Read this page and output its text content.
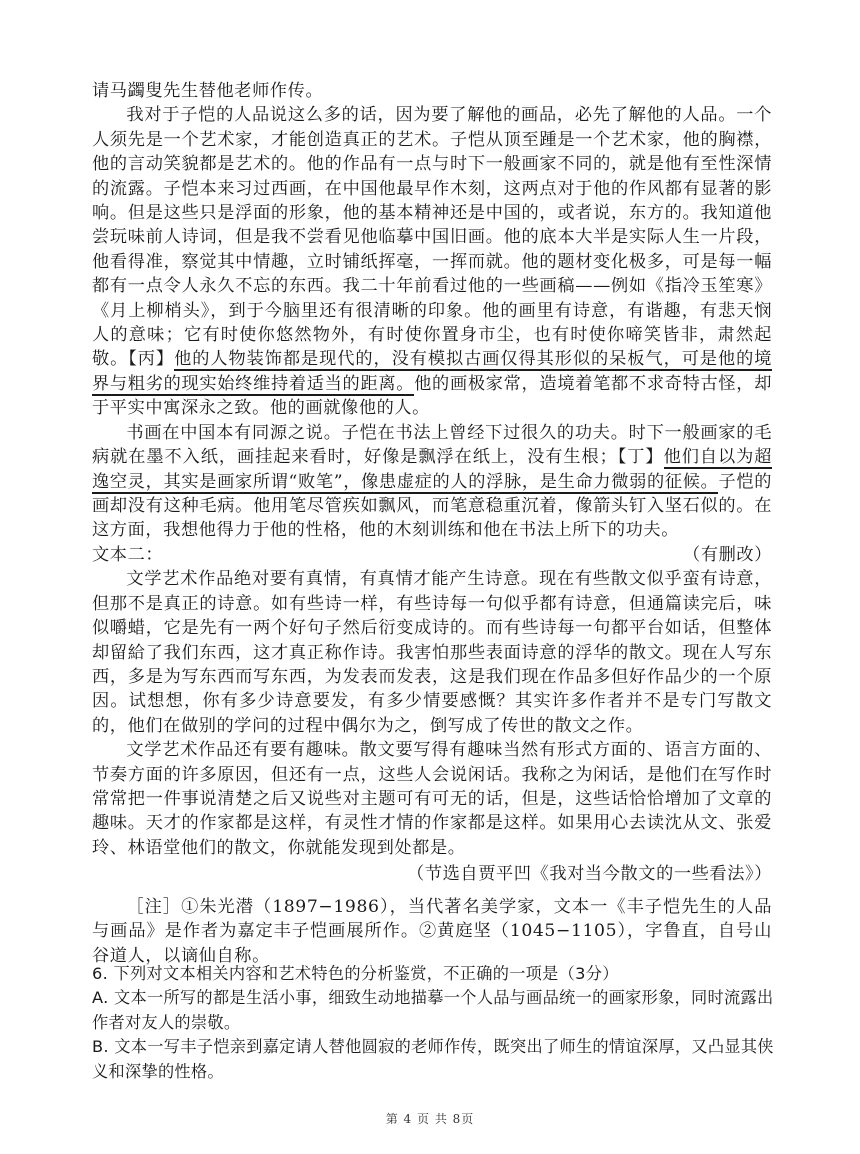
请马蠲叟先生替他老师作传。

我对于子恺的人品说这么多的话，因为要了解他的画品，必先了解他的人品。一个人须先是一个艺术家，才能创造真正的艺术。子恺从顶至踵是一个艺术家，他的胸襟，他的言动笑貌都是艺术的。他的作品有一点与时下一般画家不同的，就是他有至性深情的流露。子恺本来习过西画，在中国他最早作木刻，这两点对于他的作风都有显著的影响。但是这些只是浮面的形象，他的基本精神还是中国的，或者说，东方的。我知道他尝玩味前人诗词，但是我不尝看见他临摹中国旧画。他的底本大半是实际人生一片段，他看得准，察觉其中情趣，立时铺纸挥毫，一挥而就。他的题材变化极多，可是每一幅都有一点令人永久不忘的东西。我二十年前看过他的一些画稿——例如《指冷玉笙寒》《月上柳梢头》，到于今脑里还有很清晰的印象。他的画里有诗意，有谐趣，有悲天悯人的意味；它有时使你悠然物外，有时使你置身市尘，也有时使你啼笑皆非，肃然起敬。【丙】他的人物装饰都是现代的，没有模拟古画仅得其形似的呆板气，可是他的境界与粗劣的现实始终维持着适当的距离。他的画极家常，造境着笔都不求奇特古怪，却于平实中寓深永之致。他的画就像他的人。

书画在中国本有同源之说。子恺在书法上曾经下过很久的功夫。时下一般画家的毛病就在墨不入纸，画挂起来看时，好像是飘浮在纸上，没有生根；【丁】他们自以为超逸空灵，其实是画家所谓“败笔”，像患虚症的人的浮脉，是生命力微弱的征候。子恺的画却没有这种毛病。他用笔尽管疾如飘风，而笔意稳重沉着，像箭头钉入坚石似的。在这方面，我想他得力于他的性格，他的木刻训练和他在书法上所下的功夫。

（有删改）

文本二：

文学艺术作品绝对要有真情，有真情才能产生诗意。现在有些散文似乎蛮有诗意，但那不是真正的诗意。如有些诗一样，有些诗每一句似乎都有诗意，但通篇读完后，味似嚼蜡，它是先有一两个好句子然后衍变成诗的。而有些诗每一句都平台如话，但整体却留給了我们东西，这才真正称作诗。我害怕那些表面诗意的浮华的散文。现在人写东西，多是为写东西而写东西，为发表而发表，这是我们现在作品多但好作品少的一个原因。试想想，你有多少诗意要发，有多少情要感慨？其实许多作者并不是专门写散文的，他们在做别的学问的过程中偶尔为之，倒写成了传世的散文之作。

文学艺术作品还有要有趣味。散文要写得有趣味当然有形式方面的、语言方面的、节奏方面的许多原因，但还有一点，这些人会说闲话。我称之为闲话，是他们在写作时常常把一件事说清楚之后又说些对主题可有可无的话，但是，这些话恰恰增加了文章的趣味。天才的作家都是这样，有灵性才情的作家都是这样。如果用心去读沈从文、张爱玲、林语堂他们的散文，你就能发现到处都是。

（节选自贾平凹《我对当今散文的一些看法》）

［注］①朱光潜（1897−1986），当代著名美学家，文本一《丰子恺先生的人品与画品》是作者为嘉定丰子恺画展所作。②黄庭坚（1045−1105），字鲁直，自号山谷道人，以谪仙自称。

6. 下列对文本相关内容和艺术特色的分析鉴赏，不正确的一项是（3分）

A. 文本一所写的都是生活小事，细致生动地描摹一个人品与画品统一的画家形象，同时流露出作者对友人的崇敬。

B. 文本一写丰子恺亲到嘉定请人替他圆寂的老师作传，既突出了师生的情谊深厚，又凸显其侠义和深挚的性格。

第 4 页 共 8页
